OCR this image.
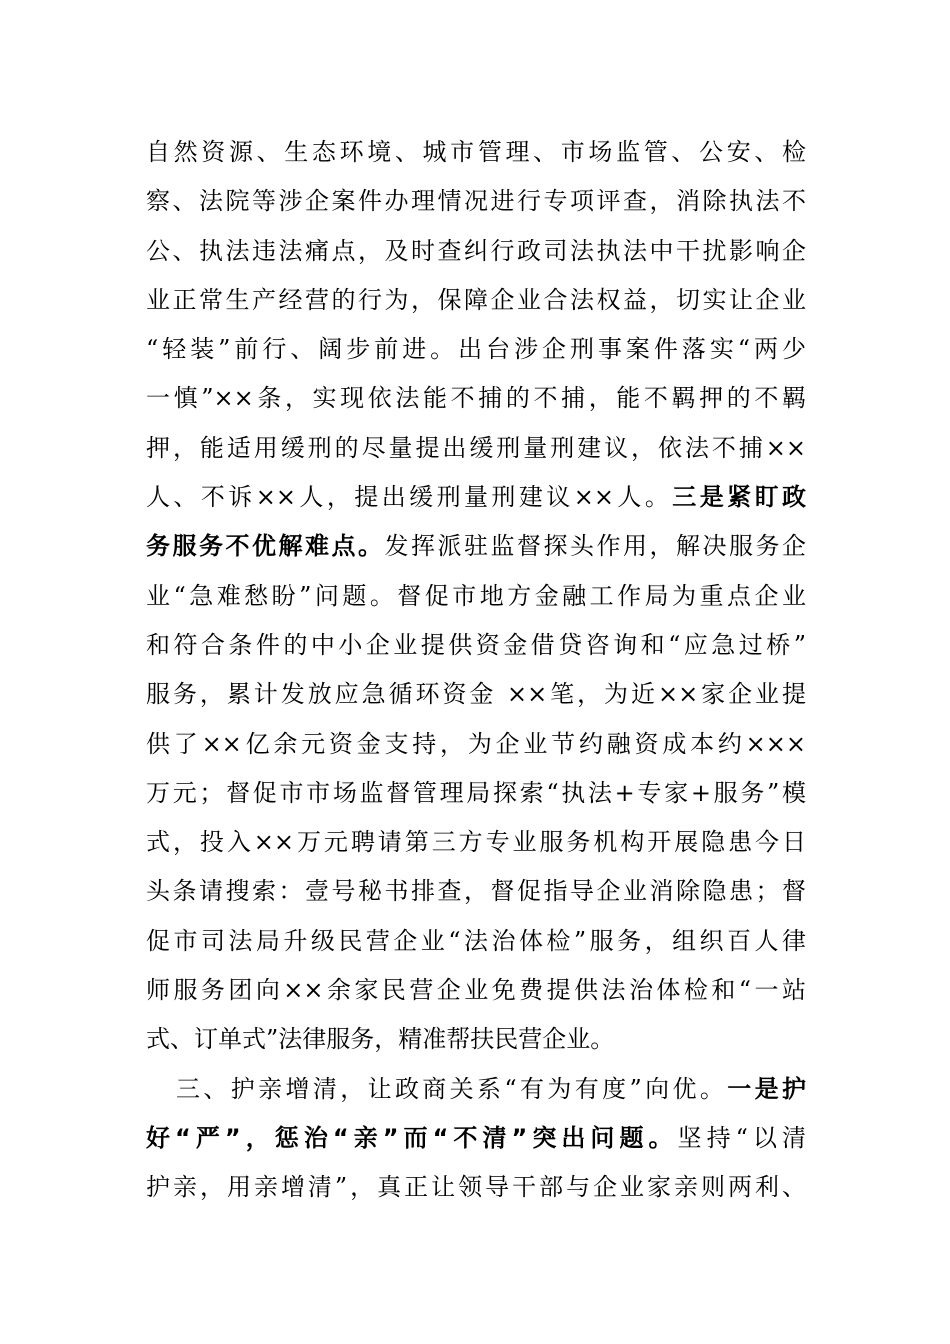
自然资源、生态环境、城市管理、市场监管、公安、检
察、法院等涉企案件办理情况进行专项评查，消除执法不
公、执法违法痛点，及时查纠行政司法执法中干扰影响企
业正常生产经营的行为，保障企业合法权益，切实让企业
“轻装”前行、阔步前进。出台涉企刑事案件落实“两少
一慎”××条，实现依法能不捕的不捕，能不羁押的不羁
押，能适用缓刑的尽量提出缓刑量刑建议，依法不捕××
人、不诉××人，提出缓刑量刑建议××人。三是紧盯政
务服务不优解难点。发挥派驻监督探头作用，解决服务企
业“急难愁盼”问题。督促市地方金融工作局为重点企业
和符合条件的中小企业提供资金借贷咨询和“应急过桥”
服务，累计发放应急循环资金 ××笔，为近××家企业提
供了××亿余元资金支持，为企业节约融资成本约×××
万元；督促市市场监督管理局探索“执法+专家+服务”模
式，投入××万元聘请第三方专业服务机构开展隐患今日
头条请搜索：壹号秘书排查，督促指导企业消除隐患；督
促市司法局升级民营企业“法治体检”服务，组织百人律
师服务团向××余家民营企业免费提供法治体检和“一站
式、订单式”法律服务，精准帮扶民营企业。
三、护亲增清，让政商关系“有为有度”向优。一是护
好“严”，惩治“亲”而“不清”突出问题。坚持“以清
护亲，用亲增清”，真正让领导干部与企业家亲则两利、
